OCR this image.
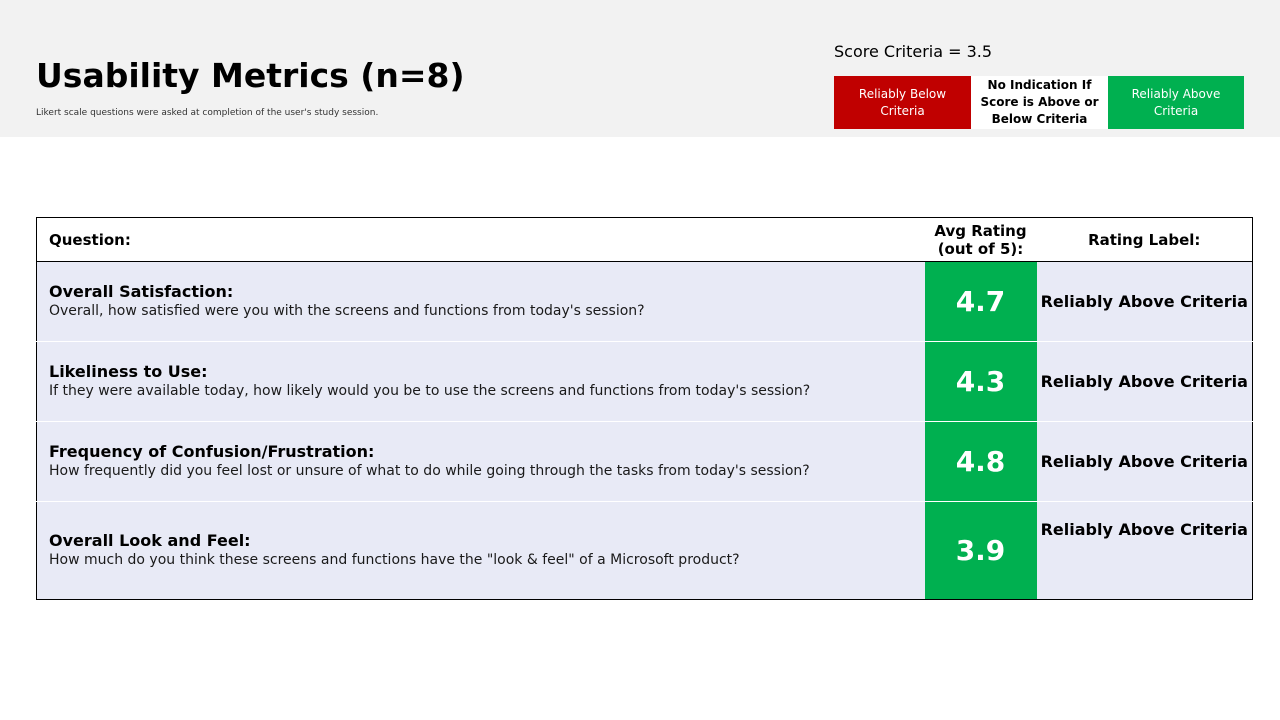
Usability Metrics (n=8)
Likert scale questions were asked at completion of the user's study session.
Score Criteria = 3.5
Reliably Below Criteria
No Indication If Score is Above or Below Criteria
Reliably Above Criteria
Question:	Avg Rating (out of 5):	Rating Label:

Overall Satisfaction:
Overall, how satisfied were you with the screens and functions from today's session?	4.7	Reliably Above Criteria

Likeliness to Use:
If they were available today, how likely would you be to use the screens and functions from today's session?	4.3	Reliably Above Criteria

Frequency of Confusion/Frustration:
How frequently did you feel lost or unsure of what to do while going through the tasks from today's session?	4.8	Reliably Above Criteria

Overall Look and Feel:
How much do you think these screens and functions have the "look & feel" of a Microsoft product?	3.9	Reliably Above Criteria
